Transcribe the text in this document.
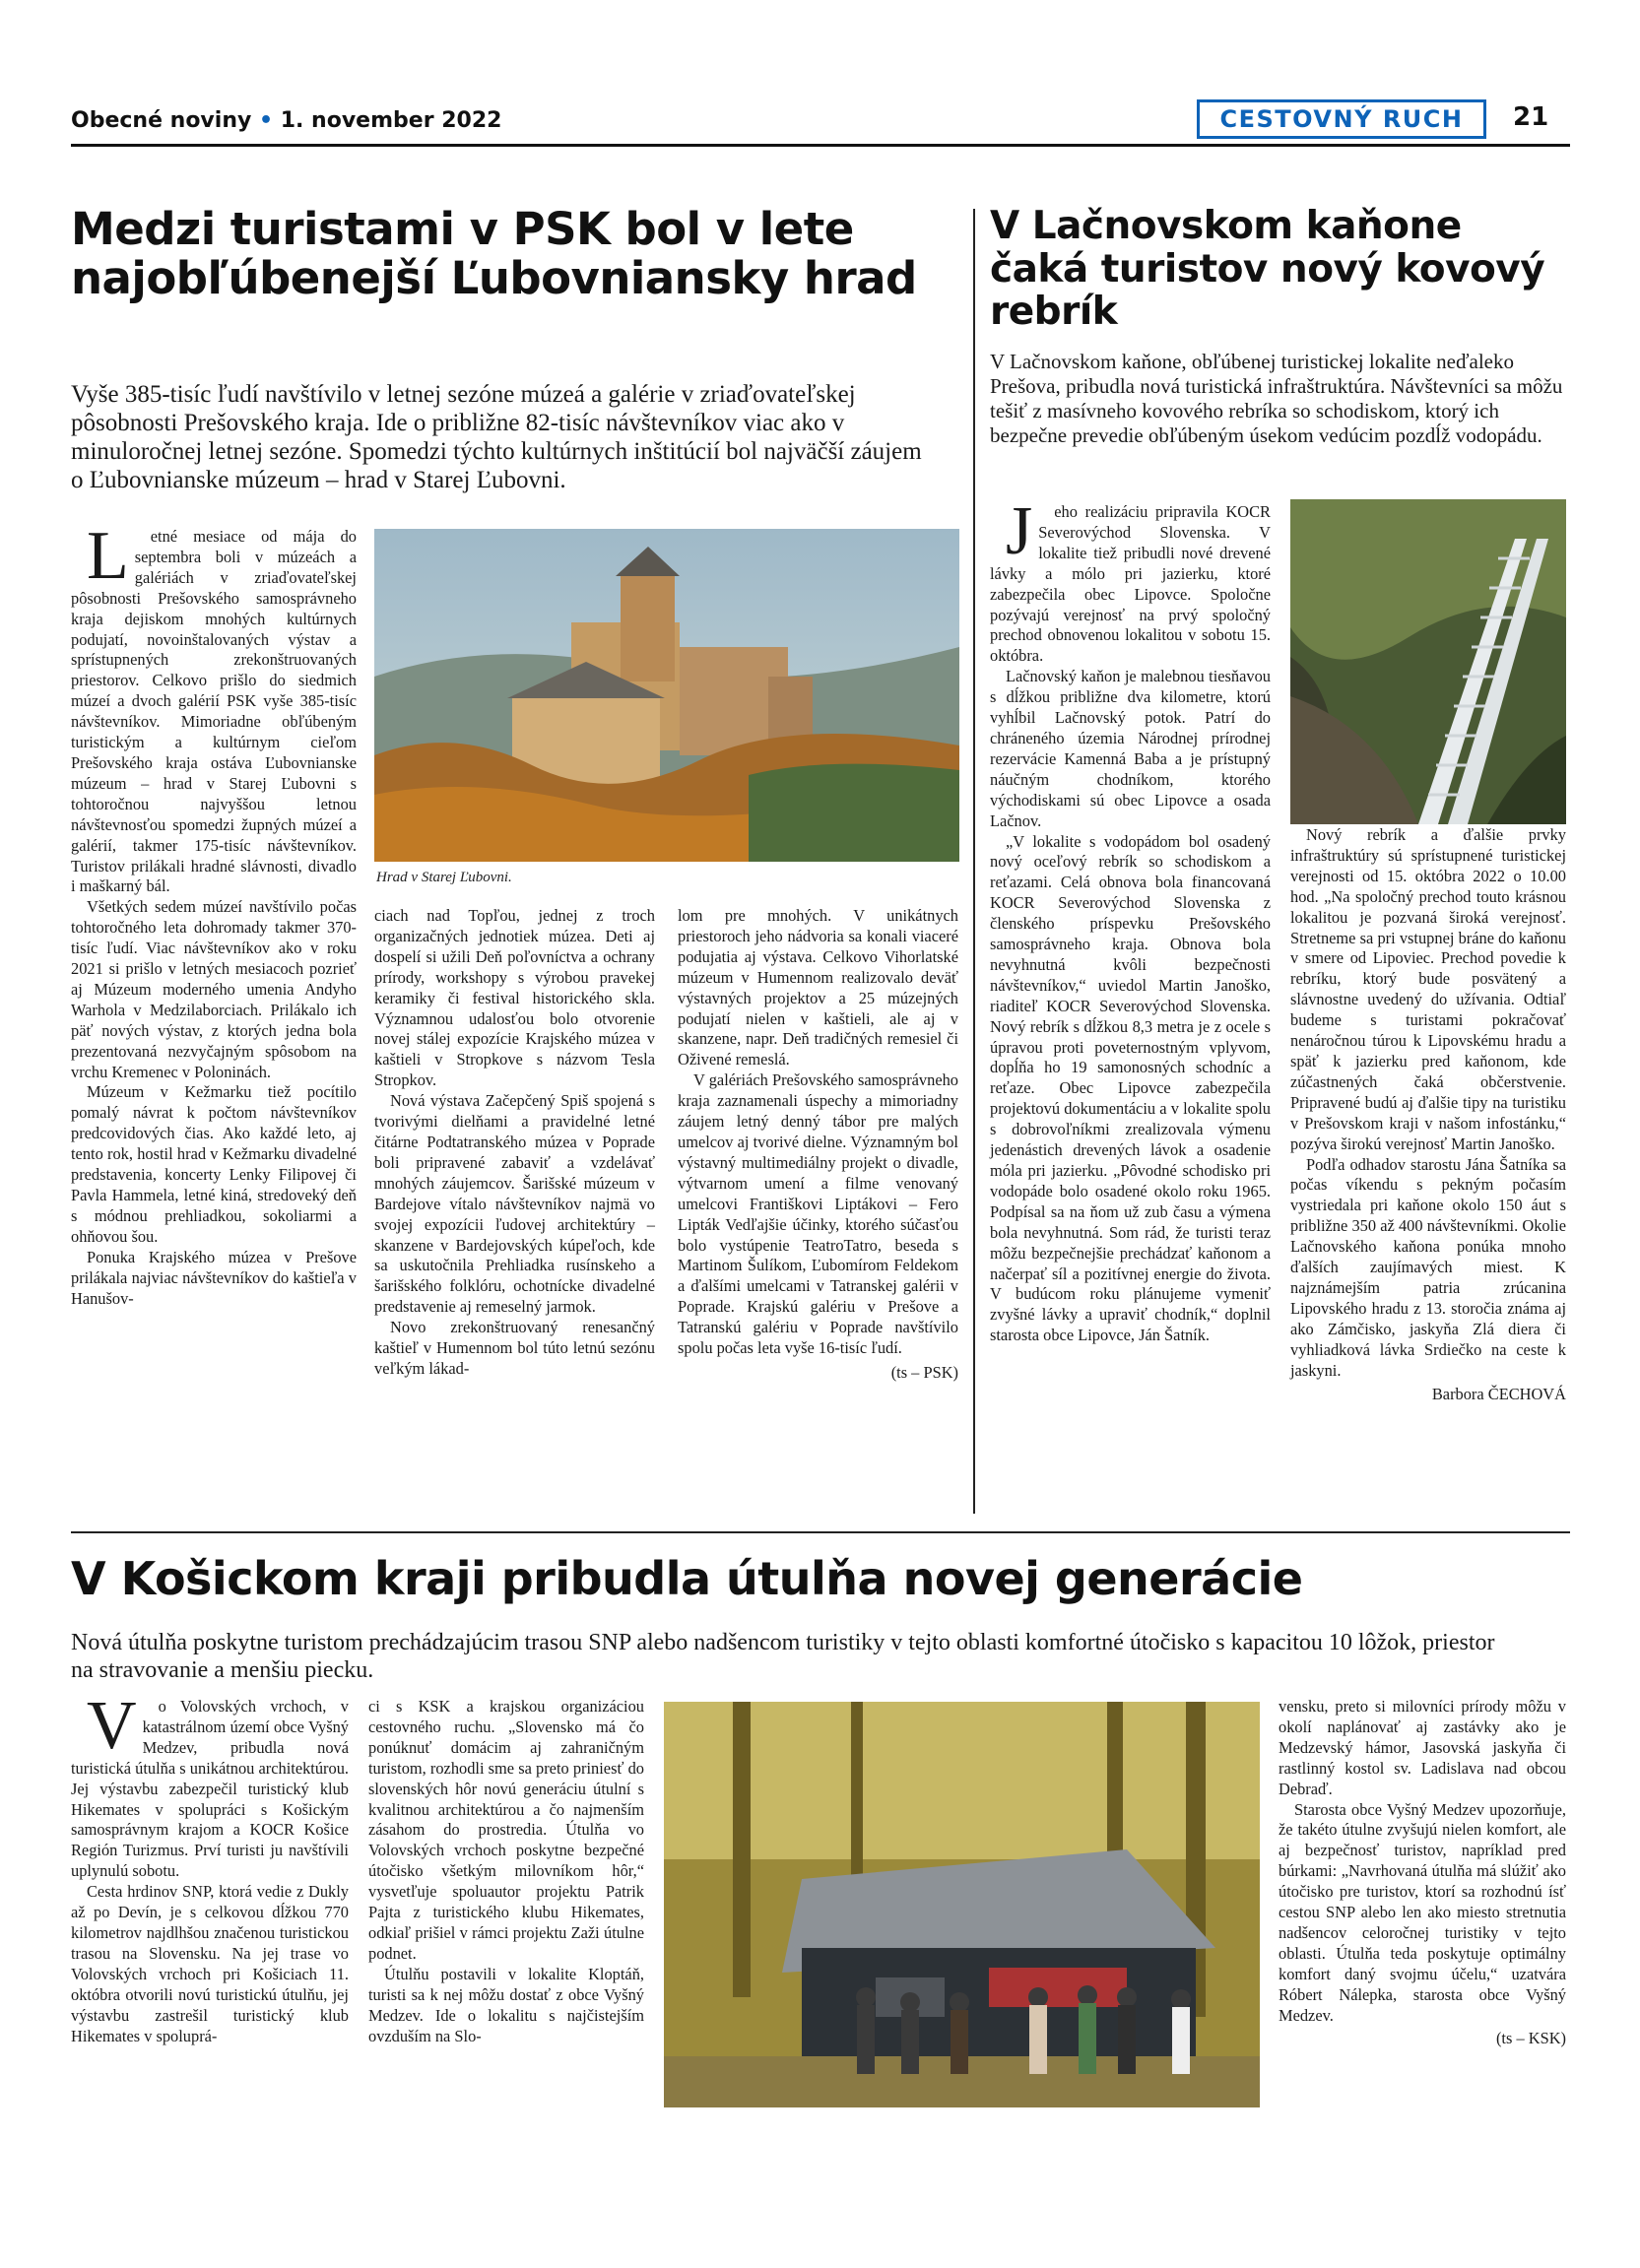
Obecné noviny • 1. november 2022	CESTOVNÝ RUCH	21
Medzi turistami v PSK bol v lete najobľúbenejší Ľubovniansky hrad
Vyše 385-tisíc ľudí navštívilo v letnej sezóne múzeá a galérie v zriaďovateľskej pôsobnosti Prešovského kraja. Ide o približne 82-tisíc návštevníkov viac ako v minuloročnej letnej sezóne. Spomedzi týchto kultúrnych inštitúcií bol najväčší záujem o Ľubovnianske múzeum – hrad v Starej Ľubovni.
L etné mesiace od mája do septembra boli v múzeách a galériách v zriaďovateľskej pôsobnosti Prešovského samosprávneho kraja dejiskom mnohých kultúrnych podujatí, novoinštalovaných výstav a sprístupnených zrekonštruovaných priestorov. Celkovo prišlo do siedmich múzeí a dvoch galérií PSK vyše 385-tisíc návštevníkov. Mimoriadne obľúbeným turistickým a kultúrnym cieľom Prešovského kraja ostáva Ľubovnianske múzeum – hrad v Starej Ľubovni s tohtoročnou najvyššou letnou návštevnosťou spomedzi župných múzeí a galérií, takmer 175-tisíc návštevníkov. Turistov prilákali hradné slávnosti, divadlo i maškarný bál.
Všetkých sedem múzeí navštívilo počas tohtoročného leta dohromady takmer 370-tisíc ľudí. Viac návštevníkov ako v roku 2021 si prišlo v letných mesiacoch pozrieť aj Múzeum moderného umenia Andyho Warhola v Medzilaborciach. Prilákalo ich päť nových výstav, z ktorých jedna bola prezentovaná nezvyčajným spôsobom na vrchu Kremenec v Poloninách.
Múzeum v Kežmarku tiež pocítilo pomalý návrat k počtom návštevníkov predcovidových čias. Ako každé leto, aj tento rok, hostil hrad v Kežmarku divadelné predstavenia, koncerty Lenky Filipovej či Pavla Hammela, letné kiná, stredoveký deň s módnou prehliadkou, sokoliarmi a ohňovou šou.
Ponuka Krajského múzea v Prešove prilákala najviac návštevníkov do kaštieľa v Hanušov-
Hrad v Starej Ľubovni.
ciach nad Topľou, jednej z troch organizačných jednotiek múzea. Deti aj dospelí si užili Deň poľovníctva a ochrany prírody, workshopy s výrobou pravekej keramiky či festival historického skla. Významnou udalosťou bolo otvorenie novej stálej expozície Krajského múzea v kaštieli v Stropkove s názvom Tesla Stropkov.
Nová výstava Začepčený Spiš spojená s tvorivými dielňami a pravidelné letné čitárne Podtatranského múzea v Poprade boli pripravené zabaviť a vzdelávať mnohých záujemcov. Šarišské múzeum v Bardejove vítalo návštevníkov najmä vo svojej expozícii ľudovej architektúry – skanzene v Bardejovských kúpeľoch, kde sa uskutočnila Prehliadka rusínskeho a šarišského folklóru, ochotnícke divadelné predstavenie aj remeselný jarmok.
Novo zrekonštruovaný renesančný kaštieľ v Humennom bol túto letnú sezónu veľkým lákad-
lom pre mnohých. V unikátnych priestoroch jeho nádvoria sa konali viaceré podujatia aj výstava. Celkovo Vihorlatské múzeum v Humennom realizovalo deväť výstavných projektov a 25 múzejných podujatí nielen v kaštieli, ale aj v skanzene, napr. Deň tradičných remesiel či Oživené remeslá.
V galériách Prešovského samosprávneho kraja zaznamenali úspechy a mimoriadny záujem letný denný tábor pre malých umelcov aj tvorivé dielne. Významným bol výstavný multimediálny projekt o divadle, výtvarnom umení a filme venovaný umelcovi Františkovi Liptákovi – Fero Lipták Vedľajšie účinky, ktorého súčasťou bolo vystúpenie TeatroTatro, beseda s Martinom Šulíkom, Ľubomírom Feldekom a ďalšími umelcami v Tatranskej galérii v Poprade. Krajskú galériu v Prešove a Tatranskú galériu v Poprade navštívilo spolu počas leta vyše 16-tisíc ľudí.
(ts – PSK)
V Lačnovskom kaňone čaká turistov nový kovový rebrík
V Lačnovskom kaňone, obľúbenej turistickej lokalite neďaleko Prešova, pribudla nová turistická infraštruktúra. Návštevníci sa môžu tešiť z masívneho kovového rebríka so schodiskom, ktorý ich bezpečne prevedie obľúbeným úsekom vedúcim pozdĺž vodopádu.
J eho realizáciu pripravila KOCR Severovýchod Slovenska. V lokalite tiež pribudli nové drevené lávky a mólo pri jazierku, ktoré zabezpečila obec Lipovce. Spoločne pozývajú verejnosť na prvý spoločný prechod obnovenou lokalitou v sobotu 15. októbra.
Lačnovský kaňon je malebnou tiesňavou s dĺžkou približne dva kilometre, ktorú vyhĺbil Lačnovský potok. Patrí do chráneného územia Národnej prírodnej rezervácie Kamenná Baba a je prístupný náučným chodníkom, ktorého východiskami sú obec Lipovce a osada Lačnov.
„V lokalite s vodopádom bol osadený nový oceľový rebrík so schodiskom a reťazami. Celá obnova bola financovaná KOCR Severovýchod Slovenska z členského príspevku Prešovského samosprávneho kraja. Obnova bola nevyhnutná kvôli bezpečnosti návštevníkov,“ uviedol Martin Janoško, riaditeľ KOCR Severovýchod Slovenska. Nový rebrík s dĺžkou 8,3 metra je z ocele s úpravou proti poveternostným vplyvom, dopĺňa ho 19 samonosných schodníc a reťaze. Obec Lipovce zabezpečila projektovú dokumentáciu a v lokalite spolu s dobrovoľníkmi zrealizovala výmenu jedenástich drevených lávok a osadenie móla pri jazierku. „Pôvodné schodisko pri vodopáde bolo osadené okolo roku 1965. Podpísal sa na ňom už zub času a výmena bola nevyhnutná. Som rád, že turisti teraz môžu bezpečnejšie prechádzať kaňonom a načerpať síl a pozitívnej energie do života. V budúcom roku plánujeme vymeniť zvyšné lávky a upraviť chodník,“ doplnil starosta obce Lipovce, Ján Šatník.
Nový rebrík a ďalšie prvky infraštruktúry sú sprístupnené turistickej verejnosti od 15. októbra 2022 o 10.00 hod. „Na spoločný prechod touto krásnou lokalitou je pozvaná široká verejnosť. Stretneme sa pri vstupnej bráne do kaňonu v smere od Lipoviec. Prechod povedie k rebríku, ktorý bude posvätený a slávnostne uvedený do užívania. Odtiaľ budeme s turistami pokračovať nenáročnou túrou k Lipovskému hradu a späť k jazierku pred kaňonom, kde zúčastnených čaká občerstvenie. Pripravené budú aj ďalšie tipy na turistiku v Prešovskom kraji v našom infostánku,“ pozýva širokú verejnosť Martin Janoško.
Podľa odhadov starostu Jána Šatníka sa počas víkendu s pekným počasím vystriedala pri kaňone okolo 150 áut s približne 350 až 400 návštevníkmi. Okolie Lačnovského kaňona ponúka mnoho ďalších zaujímavých miest. K najznámejším patria zrúcanina Lipovského hradu z 13. storočia známa aj ako Zámčisko, jaskyňa Zlá diera či vyhliadková lávka Srdiečko na ceste k jaskyni.
Barbora ČECHOVÁ
V Košickom kraji pribudla útulňa novej generácie
Nová útulňa poskytne turistom prechádzajúcim trasou SNP alebo nadšencom turistiky v tejto oblasti komfortné útočisko s kapacitou 10 lôžok, priestor na stravovanie a menšiu piecku.
V o Volovských vrchoch, v katastrálnom území obce Vyšný Medzev, pribudla nová turistická útulňa s unikátnou architektúrou. Jej výstavbu zabezpečil turistický klub Hikemates v spolupráci s Košickým samosprávnym krajom a KOCR Košice Región Turizmus. Prví turisti ju navštívili uplynulú sobotu.
Cesta hrdinov SNP, ktorá vedie z Dukly až po Devín, je s celkovou dĺžkou 770 kilometrov najdlhšou značenou turistickou trasou na Slovensku. Na jej trase vo Volovských vrchoch pri Košiciach 11. októbra otvorili novú turistickú útulňu, jej výstavbu zastrešil turistický klub Hikemates v spoluprá-
ci s KSK a krajskou organizáciou cestovného ruchu. „Slovensko má čo ponúknuť domácim aj zahraničným turistom, rozhodli sme sa preto priniesť do slovenských hôr novú generáciu útulní s kvalitnou architektúrou a čo najmenším zásahom do prostredia. Útulňa vo Volovských vrchoch poskytne bezpečné útočisko všetkým milovníkom hôr,“ vysvetľuje spoluautor projektu Patrik Pajta z turistického klubu Hikemates, odkiaľ prišiel v rámci projektu Zaži útulne podnet.
Útulňu postavili v lokalite Kloptáň, turisti sa k nej môžu dostať z obce Vyšný Medzev. Ide o lokalitu s najčistejším ovzduším na Slo-
vensku, preto si milovníci prírody môžu v okolí naplánovať aj zastávky ako je Medzevský hámor, Jasovská jaskyňa či rastlinný kostol sv. Ladislava nad obcou Debraď.
Starosta obce Vyšný Medzev upozorňuje, že takéto útulne zvyšujú nielen komfort, ale aj bezpečnosť turistov, napríklad pred búrkami: „Navrhovaná útulňa má slúžiť ako útočisko pre turistov, ktorí sa rozhodnú ísť cestou SNP alebo len ako miesto stretnutia nadšencov celoročnej turistiky v tejto oblasti. Útulňa teda poskytuje optimálny komfort daný svojmu účelu,“ uzatvára Róbert Nálepka, starosta obce Vyšný Medzev.
(ts – KSK)
